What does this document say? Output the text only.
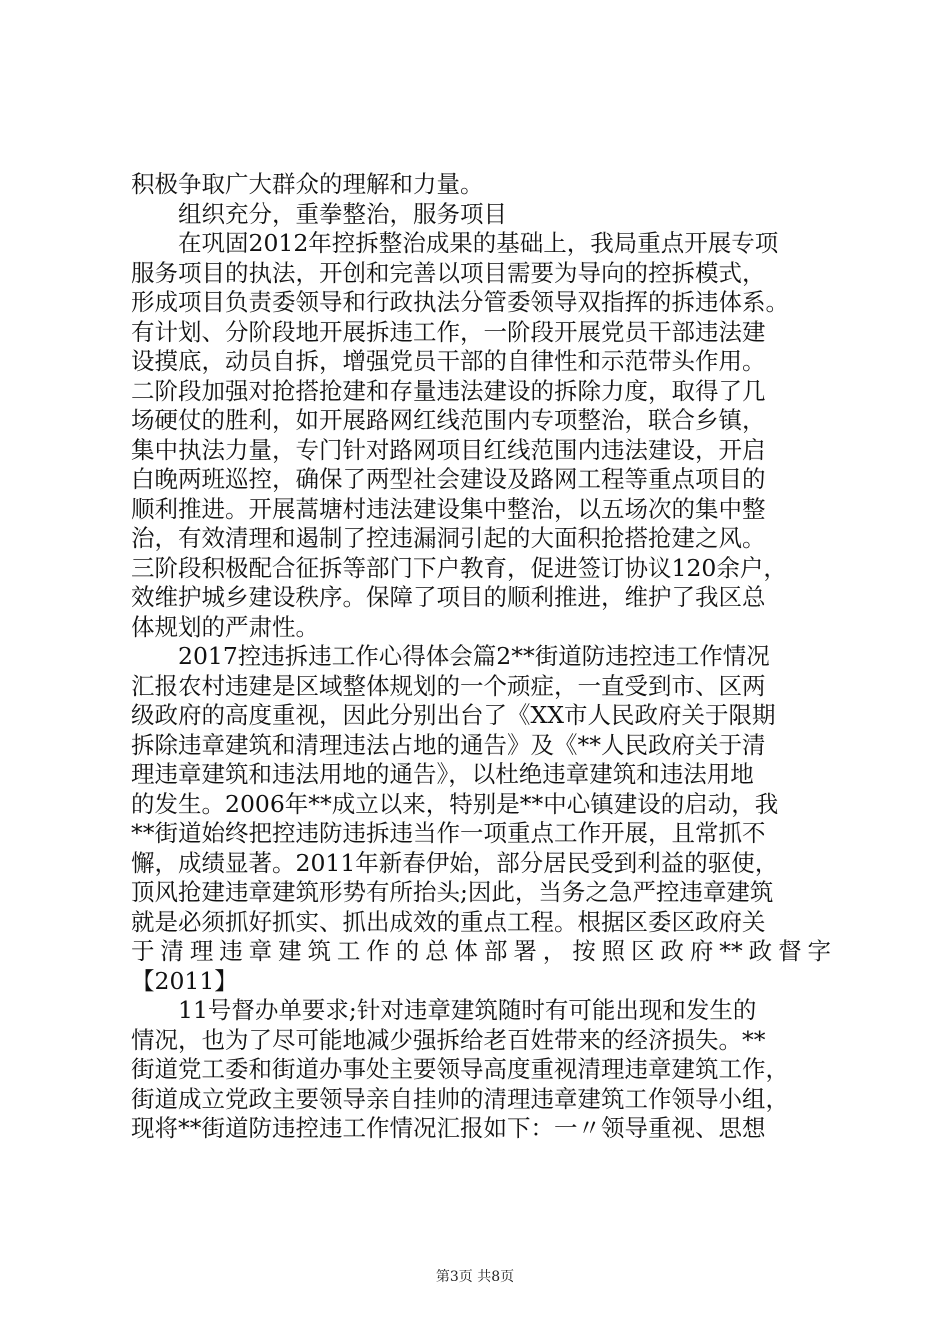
积极争取广大群众的理解和力量。
　　组织充分，重拳整治，服务项目
　　在巩固2012年控拆整治成果的基础上，我局重点开展专项
服务项目的执法，开创和完善以项目需要为导向的控拆模式，
形成项目负责委领导和行政执法分管委领导双指挥的拆违体系。
有计划、分阶段地开展拆违工作，一阶段开展党员干部违法建
设摸底，动员自拆，增强党员干部的自律性和示范带头作用。
二阶段加强对抢搭抢建和存量违法建设的拆除力度，取得了几
场硬仗的胜利，如开展路网红线范围内专项整治，联合乡镇，
集中执法力量，专门针对路网项目红线范围内违法建设，开启
白晚两班巡控，确保了两型社会建设及路网工程等重点项目的
顺利推进。开展蒿塘村违法建设集中整治，以五场次的集中整
治，有效清理和遏制了控违漏洞引起的大面积抢搭抢建之风。
三阶段积极配合征拆等部门下户教育，促进签订协议120余户，
效维护城乡建设秩序。保障了项目的顺利推进，维护了我区总
体规划的严肃性。
　　2017控违拆违工作心得体会篇2**街道防违控违工作情况
汇报农村违建是区域整体规划的一个顽症，一直受到市、区两
级政府的高度重视，因此分别出台了《XX市人民政府关于限期
拆除违章建筑和清理违法占地的通告》及《**人民政府关于清
理违章建筑和违法用地的通告》，以杜绝违章建筑和违法用地
的发生。2006年**成立以来，特别是**中心镇建设的启动，我
**街道始终把控违防违拆违当作一项重点工作开展，且常抓不
懈，成绩显著。2011年新春伊始，部分居民受到利益的驱使，
顶风抢建违章建筑形势有所抬头;因此，当务之急严控违章建筑
就是必须抓好抓实、抓出成效的重点工程。根据区委区政府关
于清理违章建筑工作的总体部署，按照区政府**政督字
【2011】
　　11号督办单要求;针对违章建筑随时有可能出现和发生的
情况，也为了尽可能地减少强拆给老百姓带来的经济损失。**
街道党工委和街道办事处主要领导高度重视清理违章建筑工作，
街道成立党政主要领导亲自挂帅的清理违章建筑工作领导小组，
现将**街道防违控违工作情况汇报如下：一〃领导重视、思想
第3页 共8页
